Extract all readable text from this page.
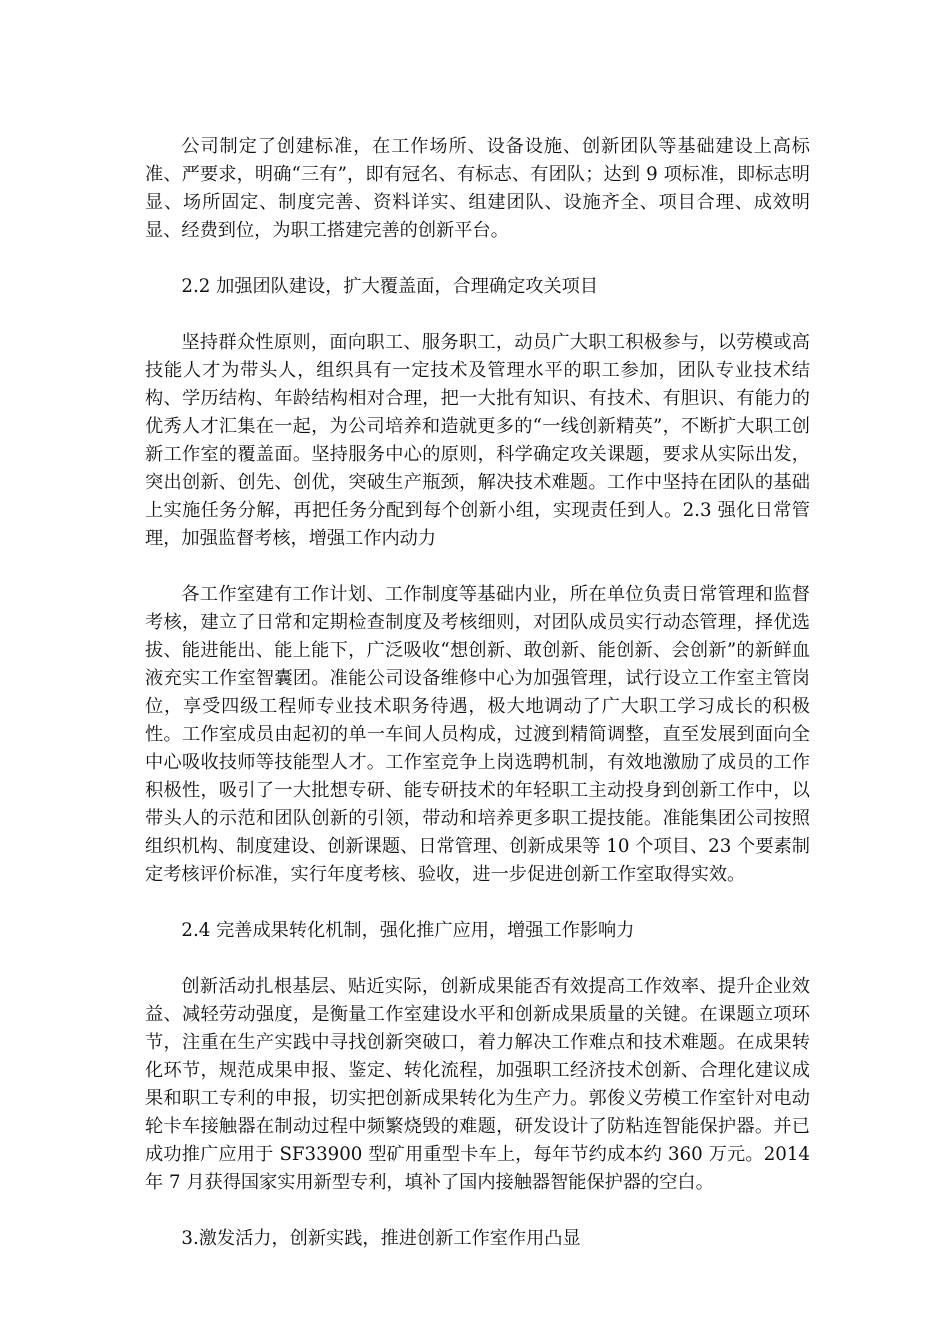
公司制定了创建标准，在工作场所、设备设施、创新团队等基础建设上高标准、严要求，明确“三有”，即有冠名、有标志、有团队；达到 9 项标准，即标志明显、场所固定、制度完善、资料详实、组建团队、设施齐全、项目合理、成效明显、经费到位，为职工搭建完善的创新平台。

2.2 加强团队建设，扩大覆盖面，合理确定攻关项目

坚持群众性原则，面向职工、服务职工，动员广大职工积极参与，以劳模或高技能人才为带头人，组织具有一定技术及管理水平的职工参加，团队专业技术结构、学历结构、年龄结构相对合理，把一大批有知识、有技术、有胆识、有能力的优秀人才汇集在一起，为公司培养和造就更多的“一线创新精英”，不断扩大职工创新工作室的覆盖面。坚持服务中心的原则，科学确定攻关课题，要求从实际出发，突出创新、创先、创优，突破生产瓶颈，解决技术难题。工作中坚持在团队的基础上实施任务分解，再把任务分配到每个创新小组，实现责任到人。2.3 强化日常管理，加强监督考核，增强工作内动力

各工作室建有工作计划、工作制度等基础内业，所在单位负责日常管理和监督考核，建立了日常和定期检查制度及考核细则，对团队成员实行动态管理，择优选拔、能进能出、能上能下，广泛吸收“想创新、敢创新、能创新、会创新”的新鲜血液充实工作室智囊团。准能公司设备维修中心为加强管理，试行设立工作室主管岗位，享受四级工程师专业技术职务待遇，极大地调动了广大职工学习成长的积极性。工作室成员由起初的单一车间人员构成，过渡到精简调整，直至发展到面向全中心吸收技师等技能型人才。工作室竞争上岗选聘机制，有效地激励了成员的工作积极性，吸引了一大批想专研、能专研技术的年轻职工主动投身到创新工作中，以带头人的示范和团队创新的引领，带动和培养更多职工提技能。准能集团公司按照组织机构、制度建设、创新课题、日常管理、创新成果等 10 个项目、23 个要素制定考核评价标准，实行年度考核、验收，进一步促进创新工作室取得实效。

2.4 完善成果转化机制，强化推广应用，增强工作影响力

创新活动扎根基层、贴近实际，创新成果能否有效提高工作效率、提升企业效益、减轻劳动强度，是衡量工作室建设水平和创新成果质量的关键。在课题立项环节，注重在生产实践中寻找创新突破口，着力解决工作难点和技术难题。在成果转化环节，规范成果申报、鉴定、转化流程，加强职工经济技术创新、合理化建议成果和职工专利的申报，切实把创新成果转化为生产力。郭俊义劳模工作室针对电动轮卡车接触器在制动过程中频繁烧毁的难题，研发设计了防粘连智能保护器。并已成功推广应用于 SF33900 型矿用重型卡车上，每年节约成本约 360 万元。2014 年 7 月获得国家实用新型专利，填补了国内接触器智能保护器的空白。

3.激发活力，创新实践，推进创新工作室作用凸显
